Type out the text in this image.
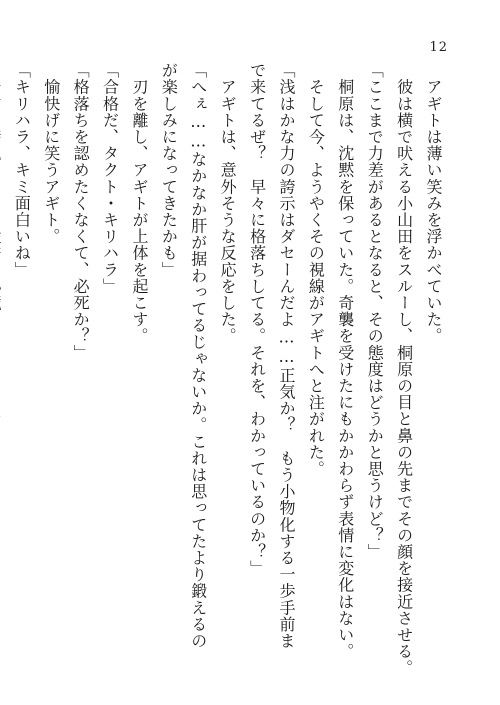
12
　アギトは薄い笑みを浮かべていた。
　彼は横で吠える小山田をスルーし、桐原の目と鼻の先までその顔を接近させる。
「ここまで力差があるとなると、その態度はどうかと思うけど？」
　桐原は、沈黙を保っていた。奇襲を受けたにもかかわらず表情に変化はない。
　そして今、ようやくその視線がアギトへと注がれた。
「浅はかな力の誇示はダセーんだよ……正気か？　もう小物化する一歩手前まで来てるぜ？　早々に格落ちしてる。それを、わかっているのか？」
　アギトは、意外そうな反応をした。
「へぇ……なかなか肝が据わってるじゃないか。これは思ってたより鍛えるのが楽しみになってきたかも」
　刃を離し、アギトが上体を起こす。
「合格だ、タクト・キリハラ」
「格落ちを認めたくなくて、必死か？」
　愉快げに笑うアギト。
「キリハラ、キミ面白いね」
